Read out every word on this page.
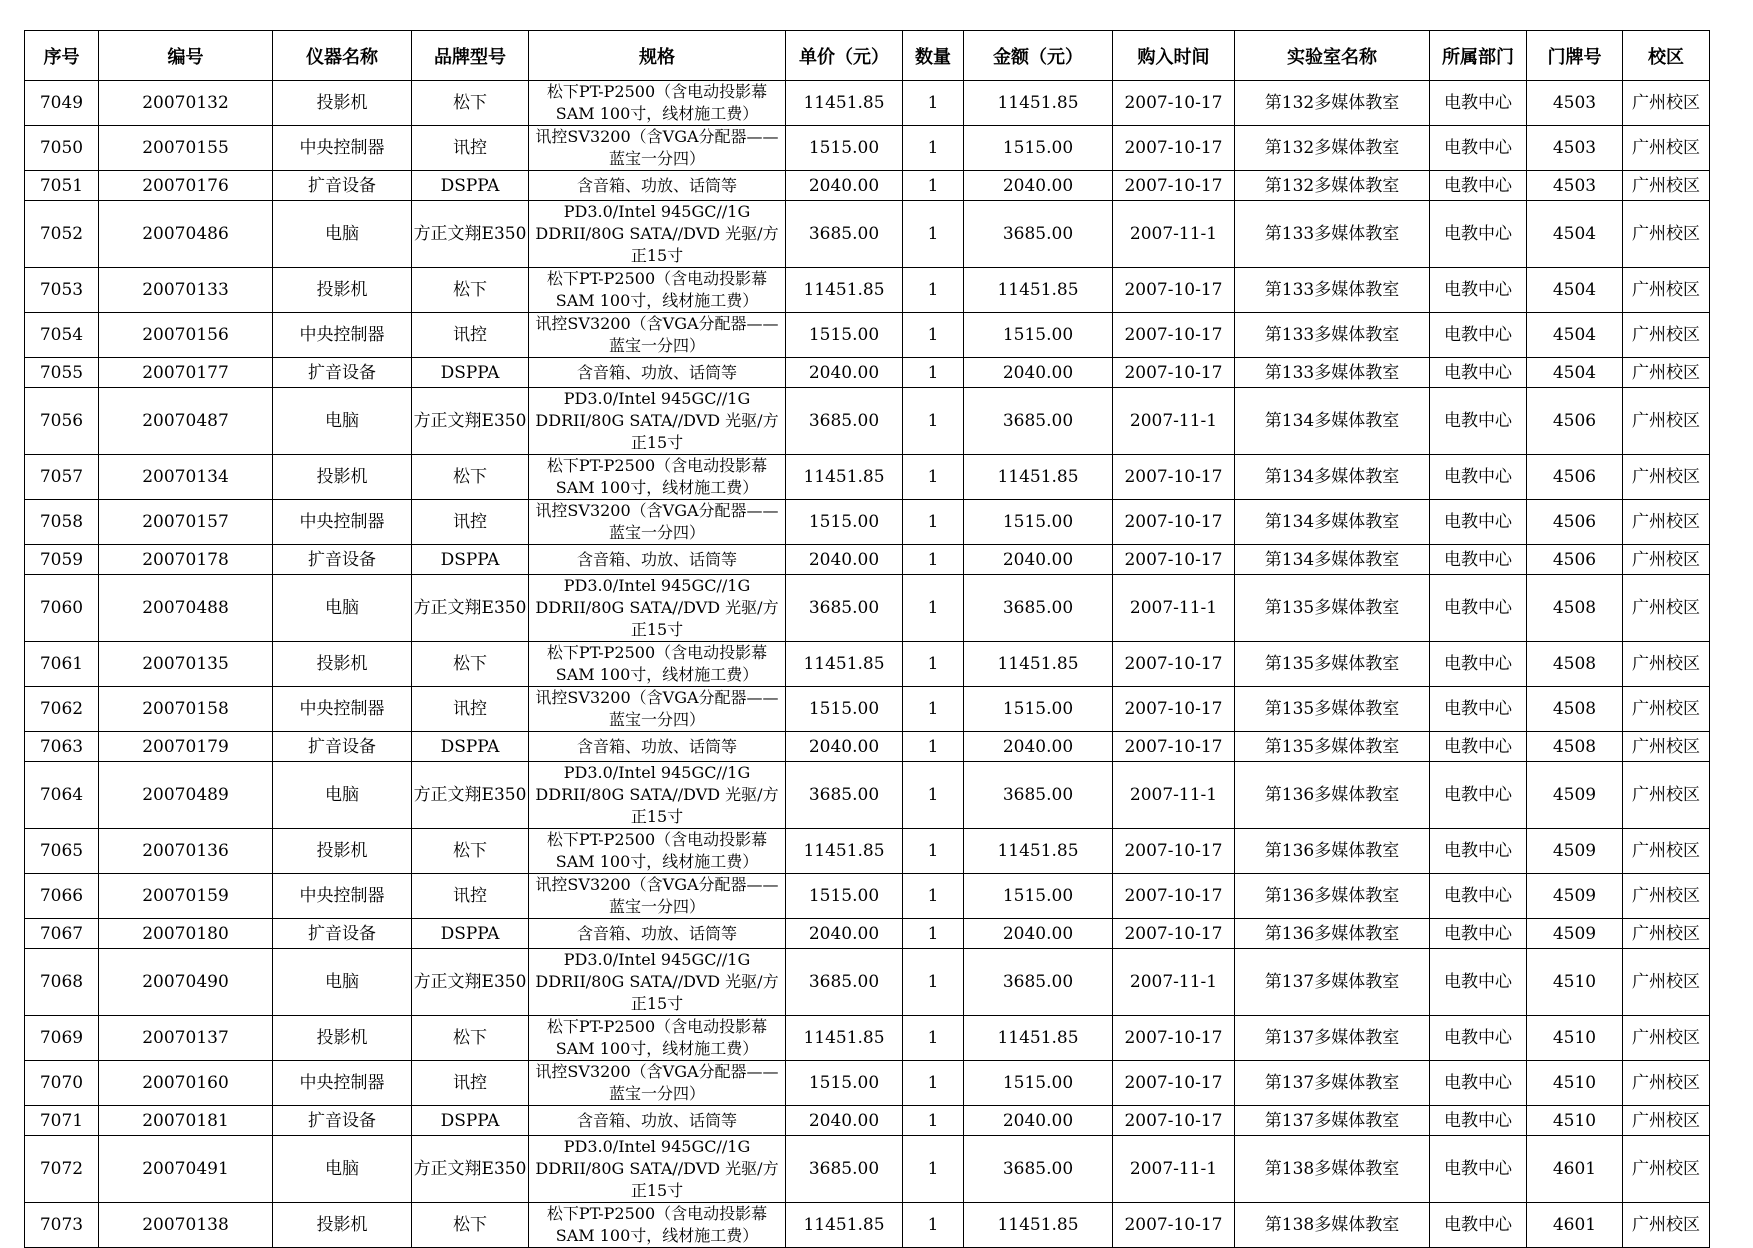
序号	编号	仪器名称	品牌型号	规格	单价（元）	数量	金额（元）	购入时间	实验室名称	所属部门	门牌号	校区
7049	20070132	投影机	松下	松下PT-P2500（含电动投影幕SAM 100寸，线材施工费）	11451.85	1	11451.85	2007-10-17	第132多媒体教室	电教中心	4503	广州校区
7050	20070155	中央控制器	讯控	讯控SV3200（含VGA分配器——蓝宝一分四）	1515.00	1	1515.00	2007-10-17	第132多媒体教室	电教中心	4503	广州校区
7051	20070176	扩音设备	DSPPA	含音箱、功放、话筒等	2040.00	1	2040.00	2007-10-17	第132多媒体教室	电教中心	4503	广州校区
7052	20070486	电脑	方正文翔E350	PD3.0/Intel 945GC//1G DDRII/80G SATA//DVD 光驱/方正15寸	3685.00	1	3685.00	2007-11-1	第133多媒体教室	电教中心	4504	广州校区
7053	20070133	投影机	松下	松下PT-P2500（含电动投影幕SAM 100寸，线材施工费）	11451.85	1	11451.85	2007-10-17	第133多媒体教室	电教中心	4504	广州校区
7054	20070156	中央控制器	讯控	讯控SV3200（含VGA分配器——蓝宝一分四）	1515.00	1	1515.00	2007-10-17	第133多媒体教室	电教中心	4504	广州校区
7055	20070177	扩音设备	DSPPA	含音箱、功放、话筒等	2040.00	1	2040.00	2007-10-17	第133多媒体教室	电教中心	4504	广州校区
7056	20070487	电脑	方正文翔E350	PD3.0/Intel 945GC//1G DDRII/80G SATA//DVD 光驱/方正15寸	3685.00	1	3685.00	2007-11-1	第134多媒体教室	电教中心	4506	广州校区
7057	20070134	投影机	松下	松下PT-P2500（含电动投影幕SAM 100寸，线材施工费）	11451.85	1	11451.85	2007-10-17	第134多媒体教室	电教中心	4506	广州校区
7058	20070157	中央控制器	讯控	讯控SV3200（含VGA分配器——蓝宝一分四）	1515.00	1	1515.00	2007-10-17	第134多媒体教室	电教中心	4506	广州校区
7059	20070178	扩音设备	DSPPA	含音箱、功放、话筒等	2040.00	1	2040.00	2007-10-17	第134多媒体教室	电教中心	4506	广州校区
7060	20070488	电脑	方正文翔E350	PD3.0/Intel 945GC//1G DDRII/80G SATA//DVD 光驱/方正15寸	3685.00	1	3685.00	2007-11-1	第135多媒体教室	电教中心	4508	广州校区
7061	20070135	投影机	松下	松下PT-P2500（含电动投影幕SAM 100寸，线材施工费）	11451.85	1	11451.85	2007-10-17	第135多媒体教室	电教中心	4508	广州校区
7062	20070158	中央控制器	讯控	讯控SV3200（含VGA分配器——蓝宝一分四）	1515.00	1	1515.00	2007-10-17	第135多媒体教室	电教中心	4508	广州校区
7063	20070179	扩音设备	DSPPA	含音箱、功放、话筒等	2040.00	1	2040.00	2007-10-17	第135多媒体教室	电教中心	4508	广州校区
7064	20070489	电脑	方正文翔E350	PD3.0/Intel 945GC//1G DDRII/80G SATA//DVD 光驱/方正15寸	3685.00	1	3685.00	2007-11-1	第136多媒体教室	电教中心	4509	广州校区
7065	20070136	投影机	松下	松下PT-P2500（含电动投影幕SAM 100寸，线材施工费）	11451.85	1	11451.85	2007-10-17	第136多媒体教室	电教中心	4509	广州校区
7066	20070159	中央控制器	讯控	讯控SV3200（含VGA分配器——蓝宝一分四）	1515.00	1	1515.00	2007-10-17	第136多媒体教室	电教中心	4509	广州校区
7067	20070180	扩音设备	DSPPA	含音箱、功放、话筒等	2040.00	1	2040.00	2007-10-17	第136多媒体教室	电教中心	4509	广州校区
7068	20070490	电脑	方正文翔E350	PD3.0/Intel 945GC//1G DDRII/80G SATA//DVD 光驱/方正15寸	3685.00	1	3685.00	2007-11-1	第137多媒体教室	电教中心	4510	广州校区
7069	20070137	投影机	松下	松下PT-P2500（含电动投影幕SAM 100寸，线材施工费）	11451.85	1	11451.85	2007-10-17	第137多媒体教室	电教中心	4510	广州校区
7070	20070160	中央控制器	讯控	讯控SV3200（含VGA分配器——蓝宝一分四）	1515.00	1	1515.00	2007-10-17	第137多媒体教室	电教中心	4510	广州校区
7071	20070181	扩音设备	DSPPA	含音箱、功放、话筒等	2040.00	1	2040.00	2007-10-17	第137多媒体教室	电教中心	4510	广州校区
7072	20070491	电脑	方正文翔E350	PD3.0/Intel 945GC//1G DDRII/80G SATA//DVD 光驱/方正15寸	3685.00	1	3685.00	2007-11-1	第138多媒体教室	电教中心	4601	广州校区
7073	20070138	投影机	松下	松下PT-P2500（含电动投影幕SAM 100寸，线材施工费）	11451.85	1	11451.85	2007-10-17	第138多媒体教室	电教中心	4601	广州校区
